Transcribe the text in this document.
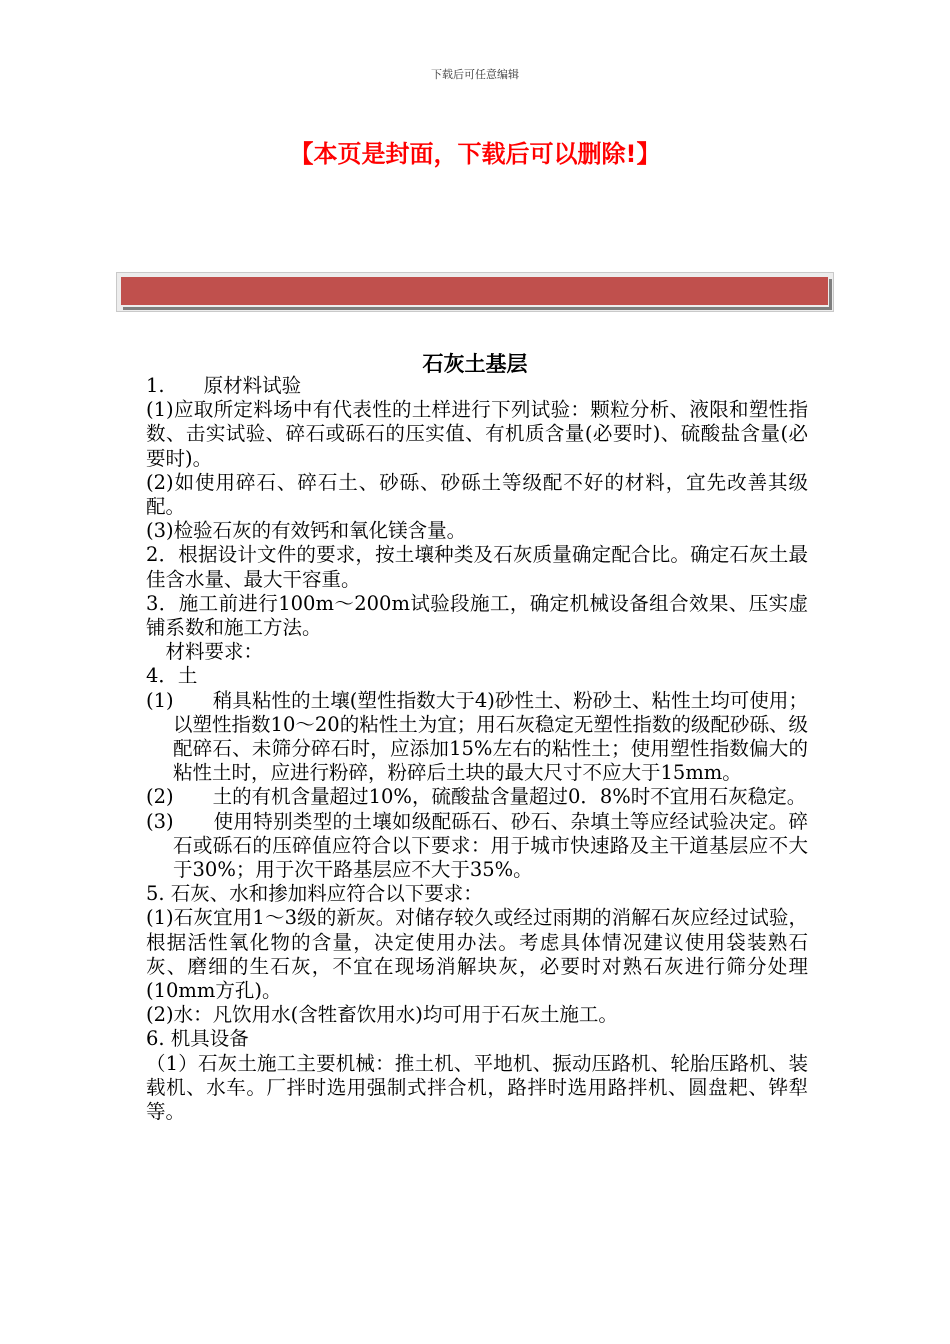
下载后可任意编辑
【本页是封面，下载后可以删除!】
石灰土基层

1.　　原材料试验

(1)应取所定料场中有代表性的土样进行下列试验：颗粒分析、液限和塑性指数、击实试验、碎石或砾石的压实值、有机质含量(必要时)、硫酸盐含量(必要时)。

(2)如使用碎石、碎石土、砂砾、砂砾土等级配不好的材料，宜先改善其级配。

(3)检验石灰的有效钙和氧化镁含量。

2．根据设计文件的要求，按土壤种类及石灰质量确定配合比。确定石灰土最佳含水量、最大干容重。

3．施工前进行100m～200m试验段施工，确定机械设备组合效果、压实虚铺系数和施工方法。

　材料要求：

4．土

(1)　　稍具粘性的土壤(塑性指数大于4)砂性土、粉砂土、粘性土均可使用；以塑性指数10～20的粘性土为宜；用石灰稳定无塑性指数的级配砂砾、级配碎石、未筛分碎石时，应添加15%左右的粘性土；使用塑性指数偏大的粘性土时，应进行粉碎，粉碎后土块的最大尺寸不应大于15mm。

(2)　　土的有机含量超过10%，硫酸盐含量超过0．8%时不宜用石灰稳定。

(3)　　使用特别类型的土壤如级配砾石、砂石、杂填土等应经试验决定。碎石或砾石的压碎值应符合以下要求：用于城市快速路及主干道基层应不大于30%；用于次干路基层应不大于35%。

5. 石灰、水和掺加料应符合以下要求：

(1)石灰宜用1～3级的新灰。对储存较久或经过雨期的消解石灰应经过试验，根据活性氧化物的含量，决定使用办法。考虑具体情况建议使用袋装熟石灰、磨细的生石灰，不宜在现场消解块灰，必要时对熟石灰进行筛分处理(10mm方孔)。

(2)水：凡饮用水(含牲畜饮用水)均可用于石灰土施工。

6. 机具设备

（1）石灰土施工主要机械：推土机、平地机、振动压路机、轮胎压路机、装载机、水车。厂拌时选用强制式拌合机，路拌时选用路拌机、圆盘耙、铧犁等。
